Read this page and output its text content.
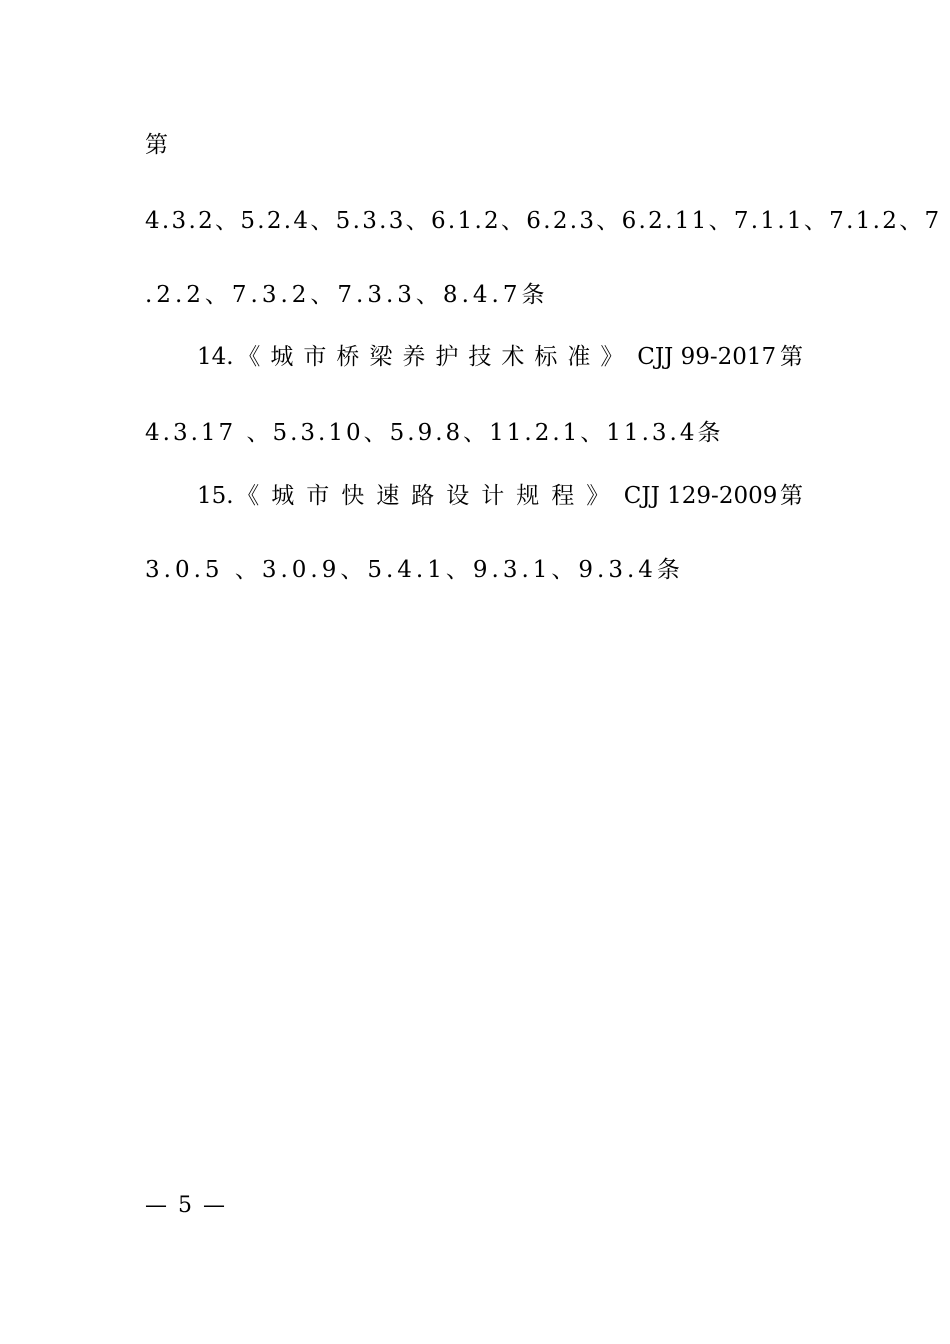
第
4.3.2、5.2.4、5.3.3、6.1.2、6.2.3、6.2.11、7.1.1、7.1.2、7
.2.2、7.3.2、7.3.3、8.4.7条
14. 《城市桥梁养护技术标准》 CJJ 99-2017 第
4.3.17 、5.3.10、5.9.8、11.2.1、11.3.4条
15. 《城市快速路设计规程》 CJJ 129-2009 第
3.0.5 、3.0.9、5.4.1、9.3.1、9.3.4条
— 5 —
